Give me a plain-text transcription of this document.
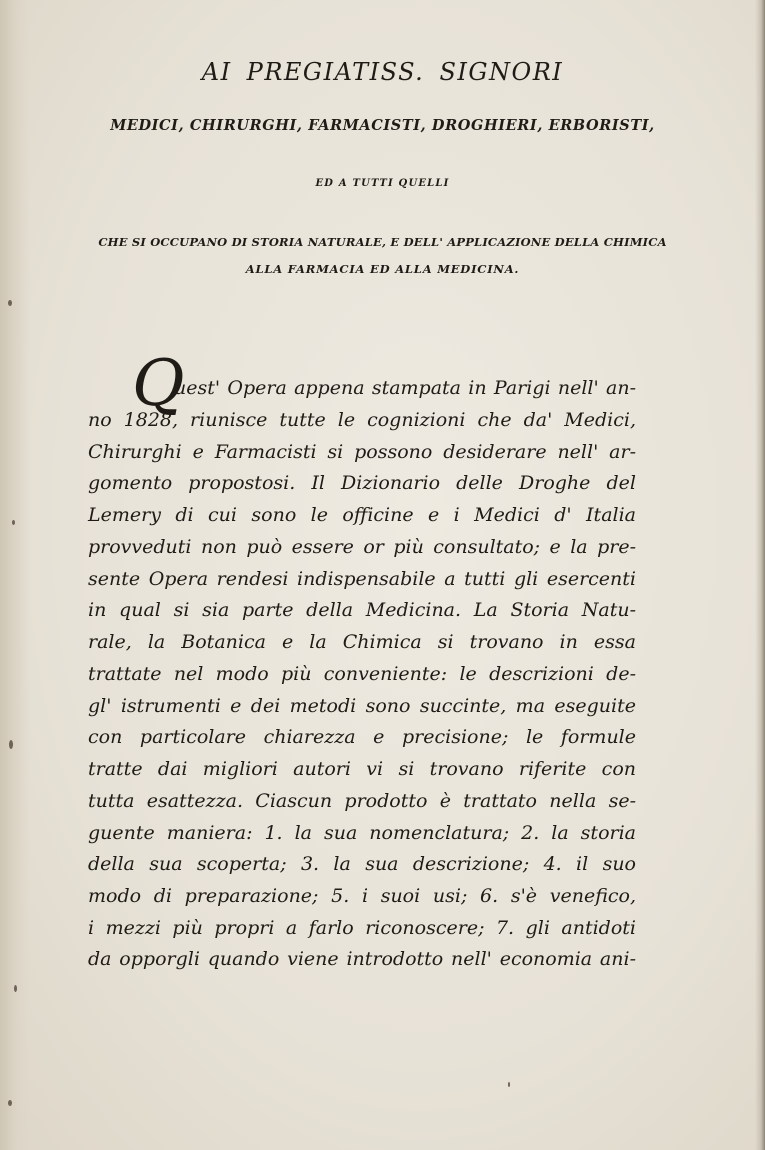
AI PREGIATISS. SIGNORI
MEDICI, CHIRURGHI, FARMACISTI, DROGHIERI, ERBORISTI,
ED A TUTTI QUELLI
CHE SI OCCUPANO DI STORIA NATURALE, E DELL' APPLICAZIONE DELLA CHIMICA
ALLA FARMACIA ED ALLA MEDICINA.
Q
uest' Opera appena stampata in Parigi nell' an-
no 1828, riunisce tutte le cognizioni che da' Medici,
Chirurghi e Farmacisti si possono desiderare nell' ar-
gomento propostosi. Il Dizionario delle Droghe del
Lemery di cui sono le officine e i Medici d' Italia
provveduti non può essere or più consultato; e la pre-
sente Opera rendesi indispensabile a tutti gli esercenti
in qual si sia parte della Medicina. La Storia Natu-
rale, la Botanica e la Chimica si trovano in essa
trattate nel modo più conveniente: le descrizioni de-
gl' istrumenti e dei metodi sono succinte, ma eseguite
con particolare chiarezza e precisione; le formule
tratte dai migliori autori vi si trovano riferite con
tutta esattezza. Ciascun prodotto è trattato nella se-
guente maniera: 1. la sua nomenclatura; 2. la storia
della sua scoperta; 3. la sua descrizione; 4. il suo
modo di preparazione; 5. i suoi usi; 6. s'è venefico,
i mezzi più propri a farlo riconoscere; 7. gli antidoti
da opporgli quando viene introdotto nell' economia ani-
